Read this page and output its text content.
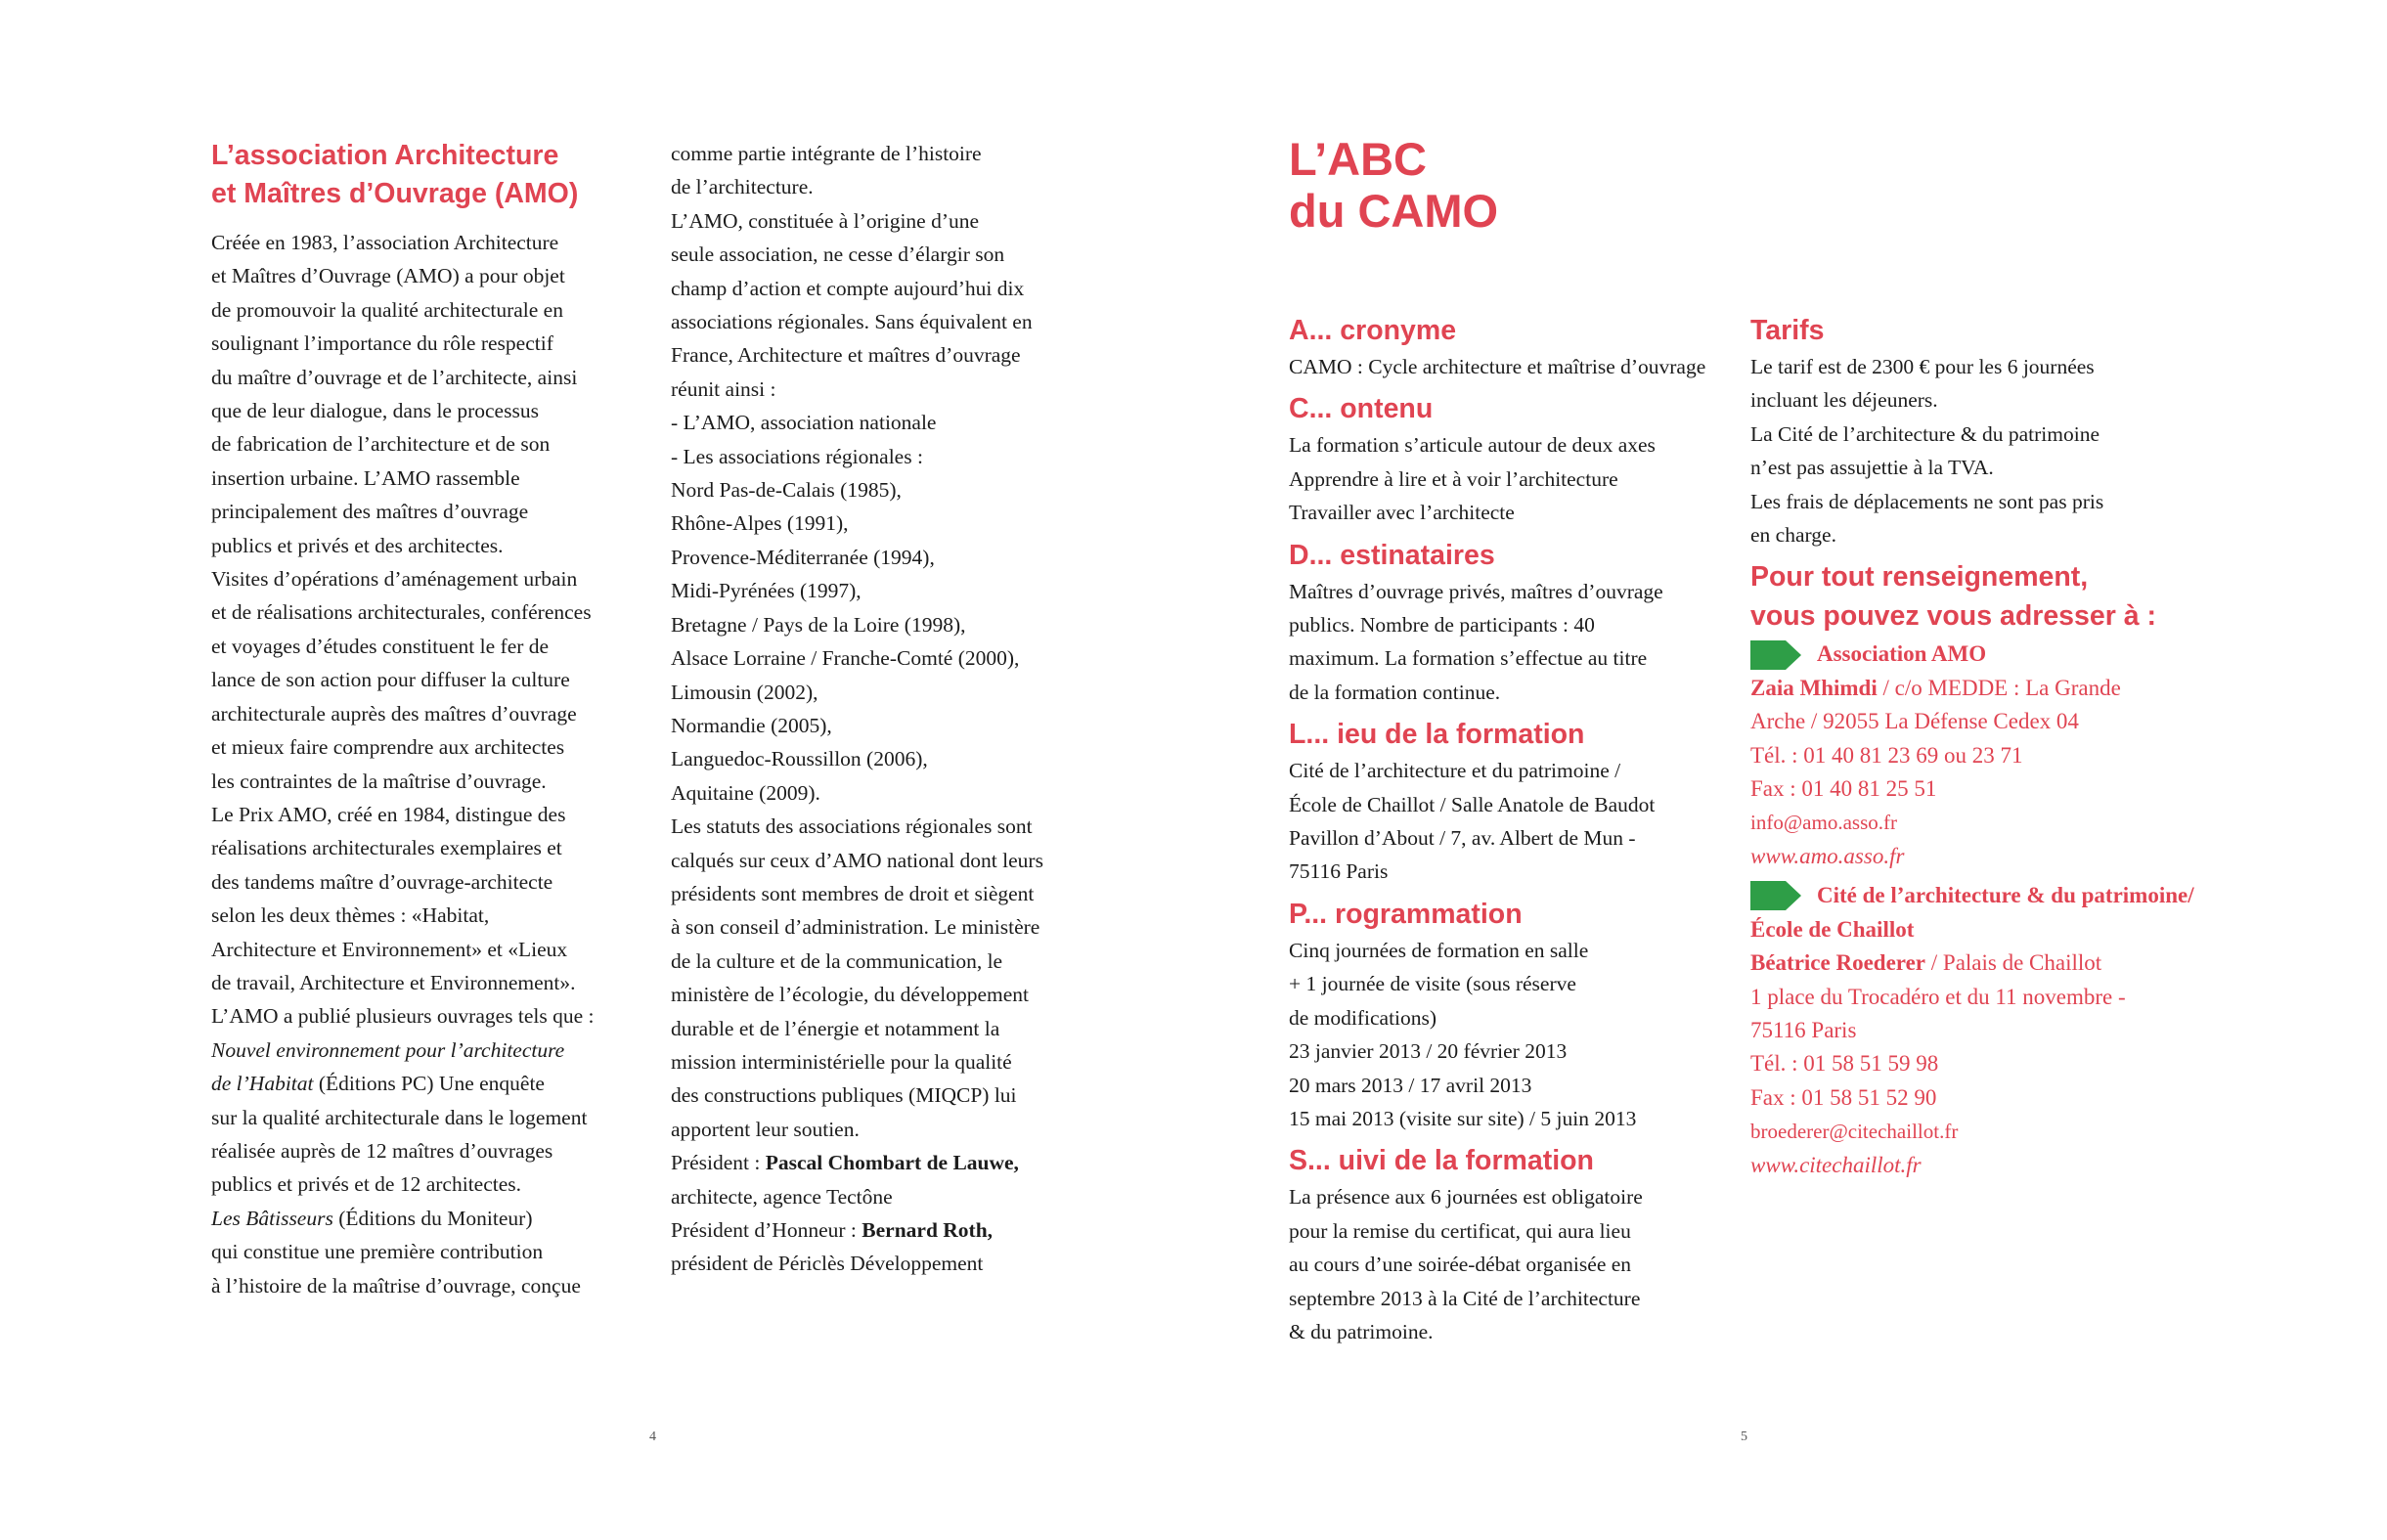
L’association Architecture
et Maîtres d’Ouvrage (AMO)

Créée en 1983, l’association Architecture
et Maîtres d’Ouvrage (AMO) a pour objet
de promouvoir la qualité architecturale en
soulignant l’importance du rôle respectif
du maître d’ouvrage et de l’architecte, ainsi
que de leur dialogue, dans le processus
de fabrication de l’architecture et de son
insertion urbaine. L’AMO rassemble
principalement des maîtres d’ouvrage
publics et privés et des architectes.

Visites d’opérations d’aménagement urbain
et de réalisations architecturales, conférences
et voyages d’études constituent le fer de
lance de son action pour diffuser la culture
architecturale auprès des maîtres d’ouvrage
et mieux faire comprendre aux architectes
les contraintes de la maîtrise d’ouvrage.

Le Prix AMO, créé en 1984, distingue des
réalisations architecturales exemplaires et
des tandems maître d’ouvrage-architecte
selon les deux thèmes : «Habitat,
Architecture et Environnement» et «Lieux
de travail, Architecture et Environnement».

L’AMO a publié plusieurs ouvrages tels que :
Nouvel environnement pour l’architecture
de l’Habitat (Éditions PC) Une enquête
sur la qualité architecturale dans le logement
réalisée auprès de 12 maîtres d’ouvrages
publics et privés et de 12 architectes.
Les Bâtisseurs (Éditions du Moniteur)
qui constitue une première contribution
à l’histoire de la maîtrise d’ouvrage, conçue

comme partie intégrante de l’histoire
de l’architecture.

L’AMO, constituée à l’origine d’une
seule association, ne cesse d’élargir son
champ d’action et compte aujourd’hui dix
associations régionales. Sans équivalent en
France, Architecture et maîtres d’ouvrage
réunit ainsi :
- L’AMO, association nationale
- Les associations régionales :
Nord Pas-de-Calais (1985),
Rhône-Alpes (1991),
Provence-Méditerranée (1994),
Midi-Pyrénées (1997),
Bretagne / Pays de la Loire (1998),
Alsace Lorraine / Franche-Comté (2000),
Limousin (2002),
Normandie (2005),
Languedoc-Roussillon (2006),
Aquitaine (2009).

Les statuts des associations régionales sont
calqués sur ceux d’AMO national dont leurs
présidents sont membres de droit et siègent
à son conseil d’administration. Le ministère
de la culture et de la communication, le
ministère de l’écologie, du développement
durable et de l’énergie et notamment la
mission interministérielle pour la qualité
des constructions publiques (MIQCP) lui
apportent leur soutien.

Président : Pascal Chombart de Lauwe,
architecte, agence Tectône

Président d’Honneur : Bernard Roth,
président de Périclès Développement

4
L’ABC
du CAMO
A... cronyme

CAMO : Cycle architecture et maîtrise d’ouvrage

C... ontenu

La formation s’articule autour de deux axes
Apprendre à lire et à voir l’architecture
Travailler avec l’architecte

D... estinataires

Maîtres d’ouvrage privés, maîtres d’ouvrage
publics. Nombre de participants : 40
maximum. La formation s’effectue au titre
de la formation continue.

L... ieu de la formation

Cité de l’architecture et du patrimoine /
École de Chaillot / Salle Anatole de Baudot
Pavillon d’About / 7, av. Albert de Mun -
75116 Paris

P... rogrammation

Cinq journées de formation en salle
+ 1 journée de visite (sous réserve
de modifications)
23 janvier 2013 / 20 février 2013
20 mars 2013 / 17 avril 2013
15 mai 2013 (visite sur site) / 5 juin 2013

S... uivi de la formation

La présence aux 6 journées est obligatoire
pour la remise du certificat, qui aura lieu
au cours d’une soirée-débat organisée en
septembre 2013 à la Cité de l’architecture
& du patrimoine.

Tarifs

Le tarif est de 2300 € pour les 6 journées
incluant les déjeuners.
La Cité de l’architecture & du patrimoine
n’est pas assujettie à la TVA.
Les frais de déplacements ne sont pas pris
en charge.

Pour tout renseignement,
vous pouvez vous adresser à :
Association AMO
Zaia Mhimdi / c/o MEDDE : La Grande
Arche / 92055 La Défense Cedex 04
Tél. : 01 40 81 23 69 ou 23 71
Fax : 01 40 81 25 51
info@amo.asso.fr
www.amo.asso.fr
Cité de l’architecture & du patrimoine/
École de Chaillot
Béatrice Roederer / Palais de Chaillot
1 place du Trocadéro et du 11 novembre -
75116 Paris
Tél. : 01 58 51 59 98
Fax : 01 58 51 52 90
broederer@citechaillot.fr
www.citechaillot.fr
5
